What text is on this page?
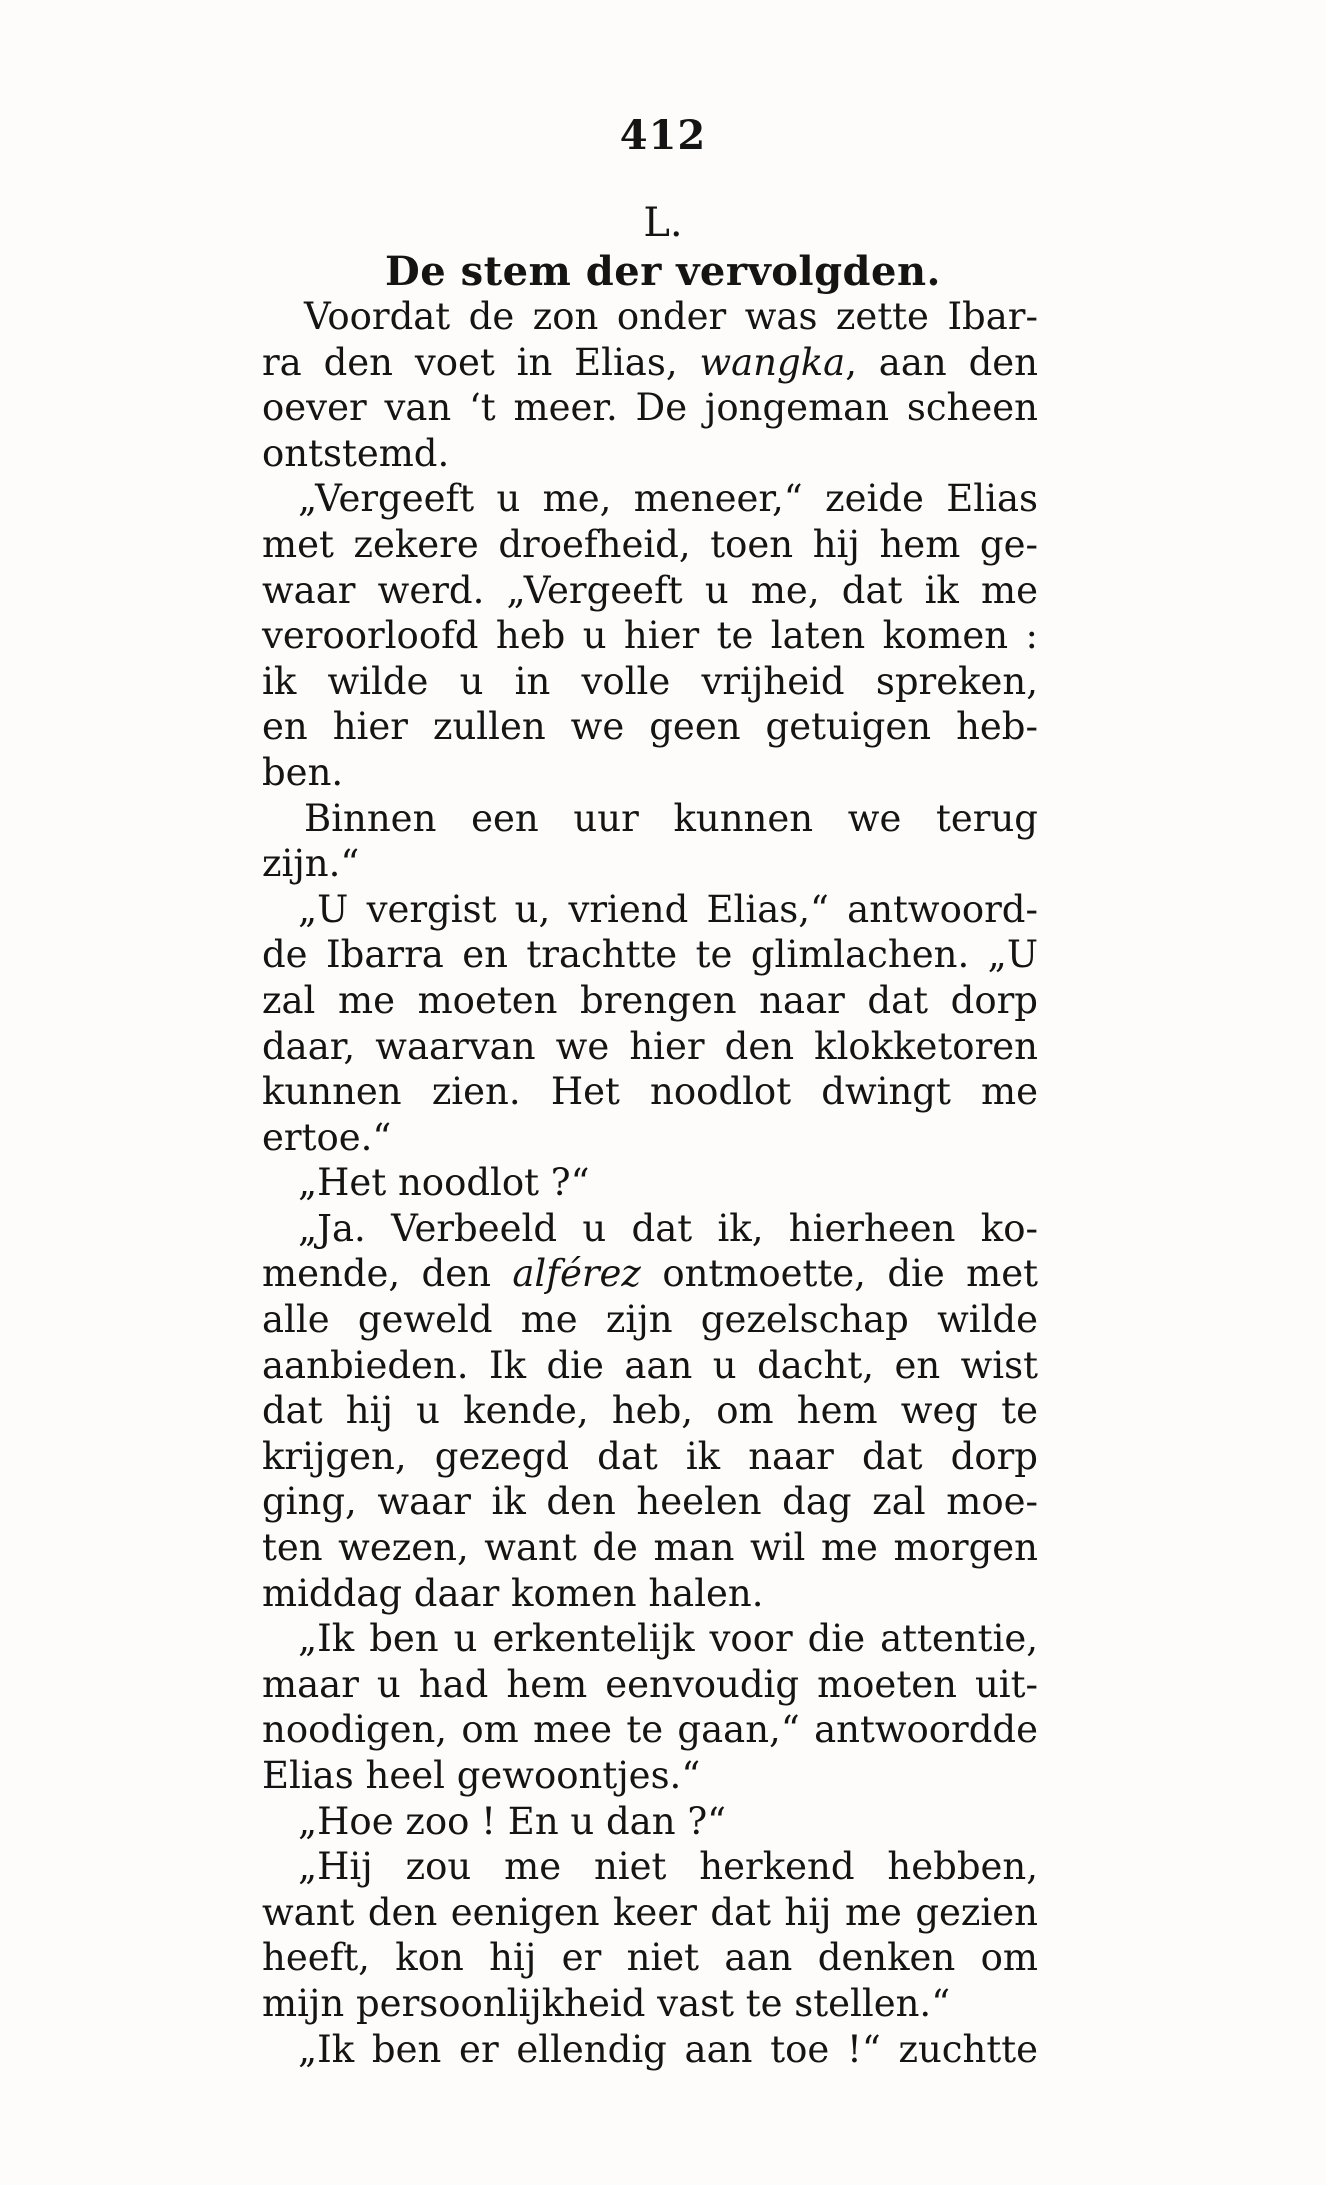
412
L.
De stem der vervolgden.
Voordat de zon onder was zette Ibar-
ra den voet in Elias, wangka, aan den
oever van ‘t meer. De jongeman scheen
ontstemd.
„Vergeeft u me, meneer,“ zeide Elias
met zekere droefheid, toen hij hem ge-
waar werd. „Vergeeft u me, dat ik me
veroorloofd heb u hier te laten komen :
ik wilde u in volle vrijheid spreken,
en hier zullen we geen getuigen heb-
ben.
Binnen een uur kunnen we terug
zijn.“
„U vergist u, vriend Elias,“ antwoord-
de Ibarra en trachtte te glimlachen. „U
zal me moeten brengen naar dat dorp
daar, waarvan we hier den klokketoren
kunnen zien. Het noodlot dwingt me
ertoe.“
„Het noodlot ?“
„Ja. Verbeeld u dat ik, hierheen ko-
mende, den alférez ontmoette, die met
alle geweld me zijn gezelschap wilde
aanbieden. Ik die aan u dacht, en wist
dat hij u kende, heb, om hem weg te
krijgen, gezegd dat ik naar dat dorp
ging, waar ik den heelen dag zal moe-
ten wezen, want de man wil me morgen
middag daar komen halen.
„Ik ben u erkentelijk voor die attentie,
maar u had hem eenvoudig moeten uit-
noodigen, om mee te gaan,“ antwoordde
Elias heel gewoontjes.“
„Hoe zoo ! En u dan ?“
„Hij zou me niet herkend hebben,
want den eenigen keer dat hij me gezien
heeft, kon hij er niet aan denken om
mijn persoonlijkheid vast te stellen.“
„Ik ben er ellendig aan toe !“ zuchtte
